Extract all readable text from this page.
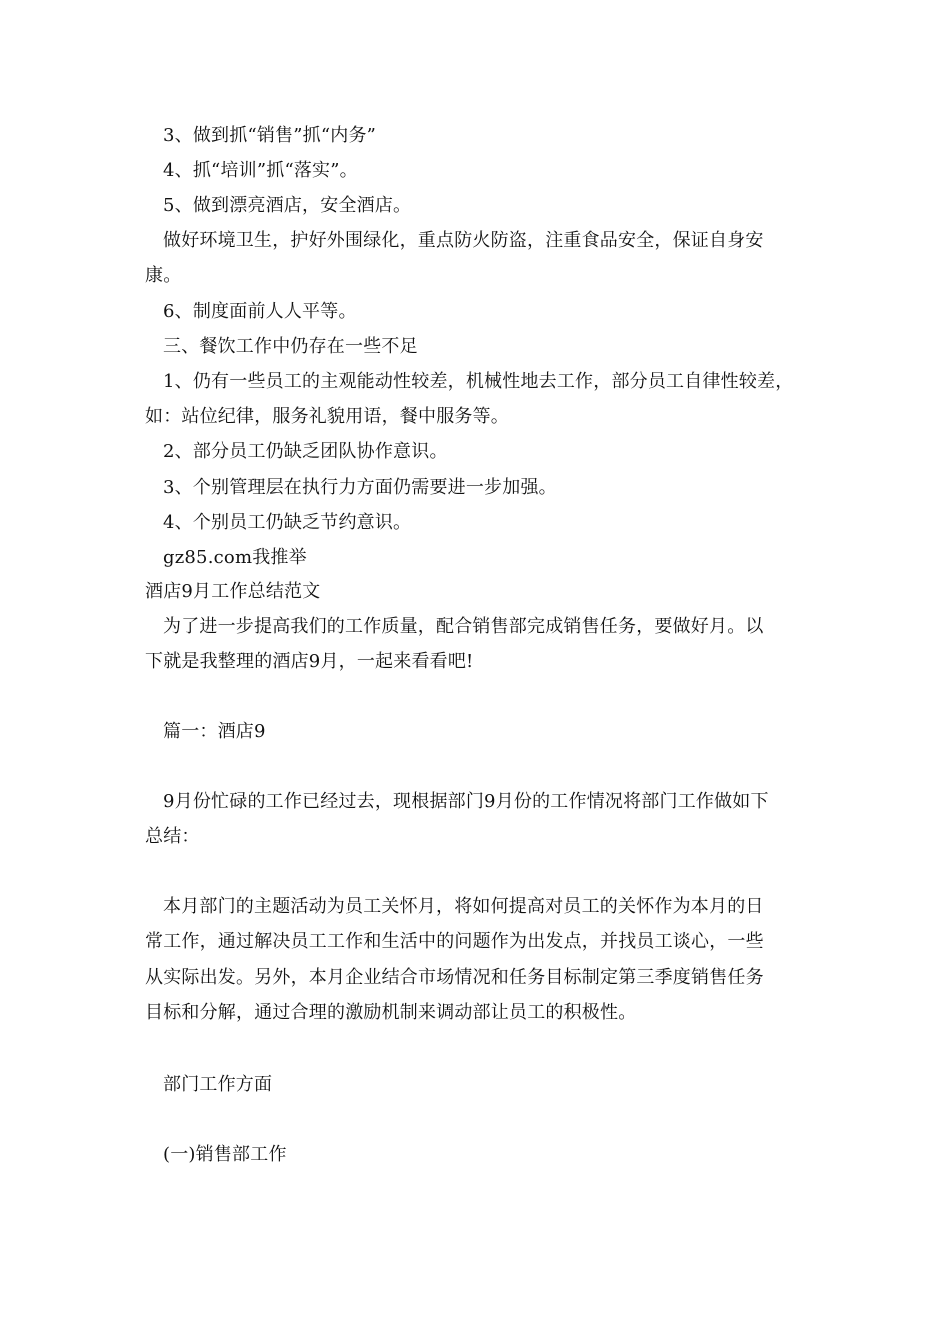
3、做到抓“销售”抓“内务”
4、抓“培训”抓“落实”。
5、做到漂亮酒店，安全酒店。
做好环境卫生，护好外围绿化，重点防火防盗，注重食品安全，保证自身安
康。
6、制度面前人人平等。
三、餐饮工作中仍存在一些不足
1、仍有一些员工的主观能动性较差，机械性地去工作，部分员工自律性较差，
如：站位纪律，服务礼貌用语，餐中服务等。
2、部分员工仍缺乏团队协作意识。
3、个别管理层在执行力方面仍需要进一步加强。
4、个别员工仍缺乏节约意识。
gz85.com我推举
酒店9月工作总结范文
为了进一步提高我们的工作质量，配合销售部完成销售任务，要做好月。以
下就是我整理的酒店9月，一起来看看吧!
篇一：酒店9
9月份忙碌的工作已经过去，现根据部门9月份的工作情况将部门工作做如下
总结：
本月部门的主题活动为员工关怀月，将如何提高对员工的关怀作为本月的日
常工作，通过解决员工工作和生活中的问题作为出发点，并找员工谈心，一些
从实际出发。另外，本月企业结合市场情况和任务目标制定第三季度销售任务
目标和分解，通过合理的激励机制来调动部让员工的积极性。
部门工作方面
(一)销售部工作
